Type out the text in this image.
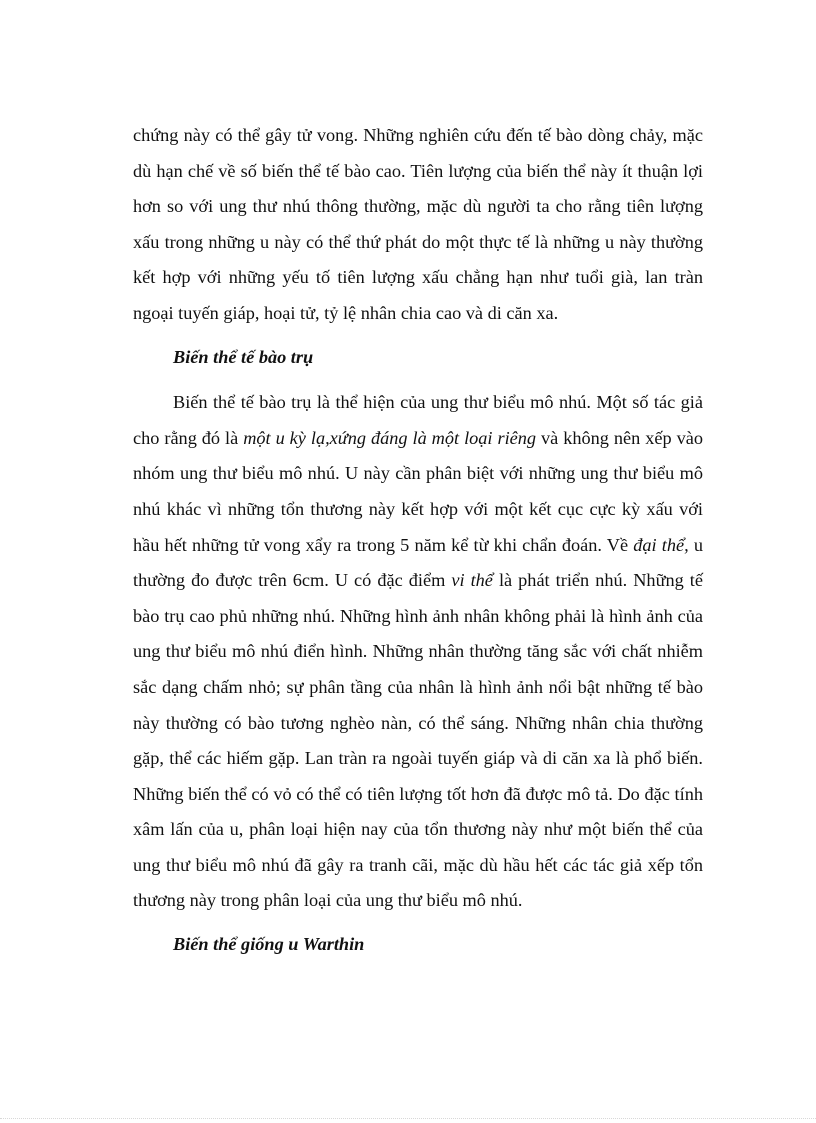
chứng này có thể gây tử vong. Những nghiên cứu đến tế bào dòng chảy, mặc dù hạn chế về số biến thể tế bào cao. Tiên lượng của biến thể này ít thuận lợi hơn so với ung thư nhú thông thường, mặc dù người ta cho rằng tiên lượng xấu trong những u này có thể thứ phát do một thực tế là những u này thường kết hợp với những yếu tố tiên lượng xấu chẳng hạn như tuổi già, lan tràn ngoại tuyến giáp, hoại tử, tỷ lệ nhân chia cao và di căn xa.

Biến thể tế bào trụ

Biến thể tế bào trụ là thể hiện của ung thư biểu mô nhú. Một số tác giả cho rằng đó là một u kỳ lạ,xứng đáng là một loại riêng và không nên xếp vào nhóm ung thư biểu mô nhú. U này cần phân biệt với những ung thư biểu mô nhú khác vì những tổn thương này kết hợp với một kết cục cực kỳ xấu với hầu hết những tử vong xẩy ra trong 5 năm kể từ khi chẩn đoán. Về đại thể, u thường đo được trên 6cm. U có đặc điểm vi thể là phát triển nhú. Những tế bào trụ cao phủ những nhú. Những hình ảnh nhân không phải là hình ảnh của ung thư biểu mô nhú điển hình. Những nhân thường tăng sắc với chất nhiễm sắc dạng chấm nhỏ; sự phân tầng của nhân là hình ảnh nổi bật những tế bào này thường có bào tương nghèo nàn, có thể sáng. Những nhân chia thường gặp, thể các hiếm gặp. Lan tràn ra ngoài tuyến giáp và di căn xa là phổ biến. Những biến thể có vỏ có thể có tiên lượng tốt hơn đã được mô tả. Do đặc tính xâm lấn của u, phân loại hiện nay của tổn thương này như một biến thể của ung thư biểu mô nhú đã gây ra tranh cãi, mặc dù hầu hết các tác giả xếp tổn thương này trong phân loại của ung thư biểu mô nhú.

Biến thể giống u Warthin
